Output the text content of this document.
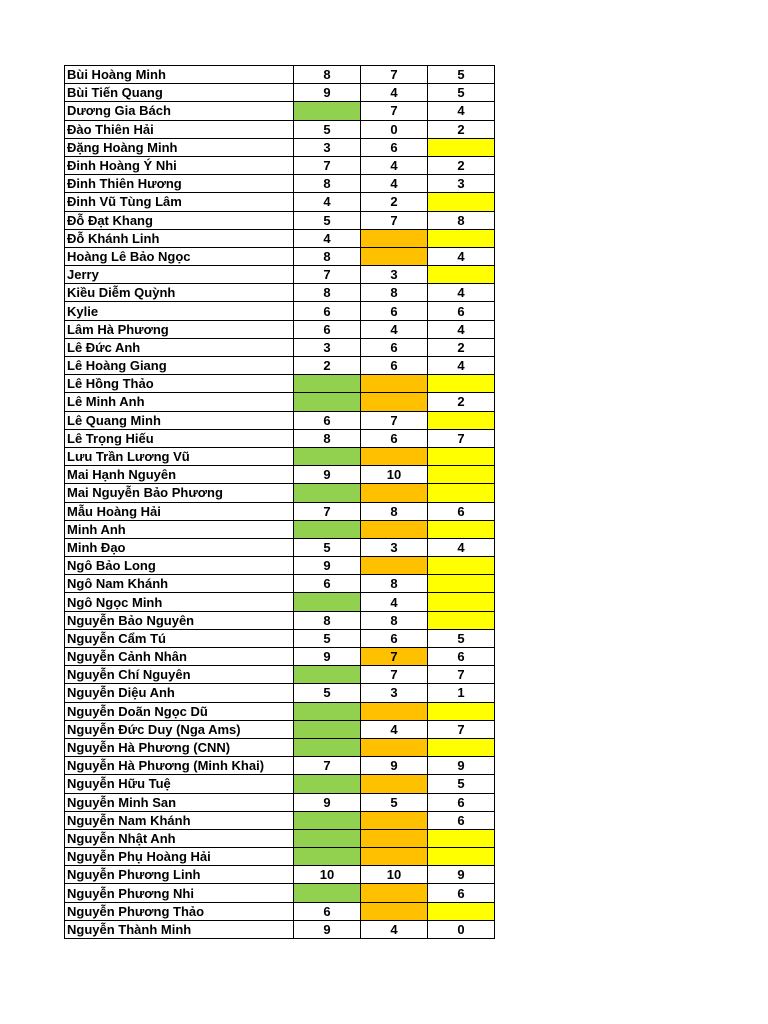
Bùi Hoàng Minh	8	7	5
Bùi Tiến Quang	9	4	5
Dương Gia Bách		7	4
Đào Thiên Hải	5	0	2
Đặng Hoàng Minh	3	6	
Đinh Hoàng Ý Nhi	7	4	2
Đinh Thiên Hương	8	4	3
Đinh Vũ Tùng Lâm	4	2	
Đỗ Đạt Khang	5	7	8
Đỗ Khánh Linh	4		
Hoàng Lê Bảo Ngọc	8		4
Jerry	7	3	
Kiều Diễm Quỳnh	8	8	4
Kylie	6	6	6
Lâm Hà Phương	6	4	4
Lê Đức Anh	3	6	2
Lê Hoàng Giang	2	6	4
Lê Hồng Thảo			
Lê Minh Anh			2
Lê Quang Minh	6	7	
Lê Trọng Hiếu	8	6	7
Lưu Trần Lương Vũ			
Mai Hạnh Nguyên	9	10	
Mai Nguyễn Bảo Phương			
Mẫu Hoàng Hải	7	8	6
Minh Anh			
Minh Đạo	5	3	4
Ngô Bảo Long	9		
Ngô Nam Khánh	6	8	
Ngô Ngọc Minh		4	
Nguyễn Bảo Nguyên	8	8	
Nguyễn Cẩm Tú	5	6	5
Nguyễn Cảnh Nhân	9	7	6
Nguyễn Chí Nguyên		7	7
Nguyễn Diệu Anh	5	3	1
Nguyễn Doãn Ngọc Dũ			
Nguyễn Đức Duy (Nga Ams)		4	7
Nguyễn Hà Phương (CNN)			
Nguyễn Hà Phương (Minh Khai)	7	9	9
Nguyễn Hữu Tuệ			5
Nguyễn Minh San	9	5	6
Nguyễn Nam Khánh			6
Nguyễn Nhật Anh			
Nguyễn Phụ Hoàng Hải			
Nguyễn Phương Linh	10	10	9
Nguyễn Phương Nhi			6
Nguyễn Phương Thảo	6		
Nguyễn Thành Minh	9	4	0
